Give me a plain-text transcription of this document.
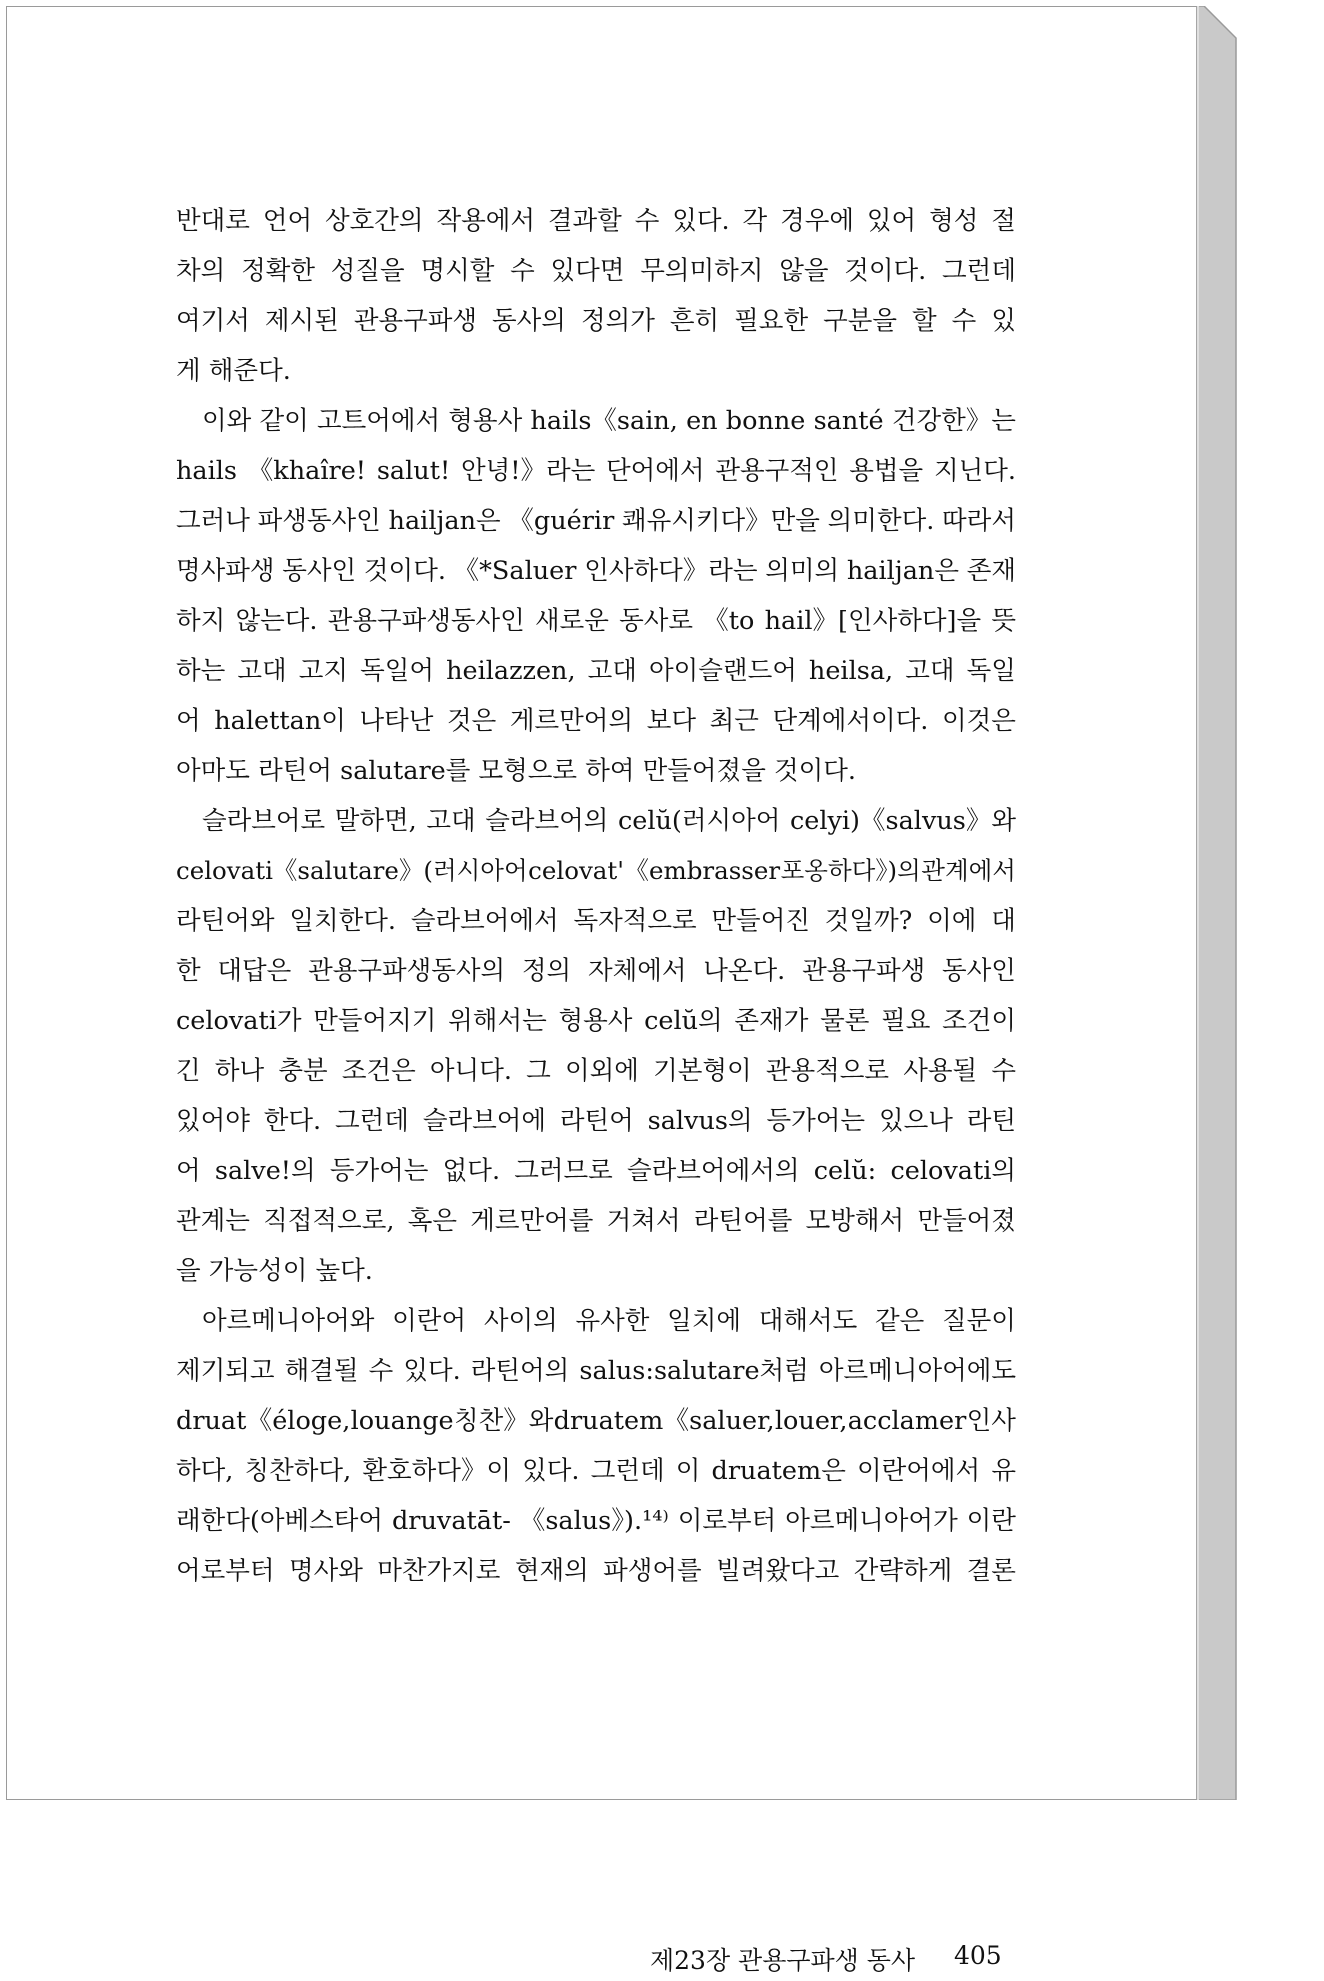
반대로 언어 상호간의 작용에서 결과할 수 있다. 각 경우에 있어 형성 절
차의 정확한 성질을 명시할 수 있다면 무의미하지 않을 것이다. 그런데
여기서 제시된 관용구파생 동사의 정의가 흔히 필요한 구분을 할 수 있
게 해준다.
이와 같이 고트어에서 형용사 hails《sain, en bonne santé 건강한》는
hails 《khaîre! salut! 안녕!》라는 단어에서 관용구적인 용법을 지닌다.
그러나 파생동사인 hailjan은 《guérir 쾌유시키다》만을 의미한다. 따라서
명사파생 동사인 것이다. 《*Saluer 인사하다》라는 의미의 hailjan은 존재
하지 않는다. 관용구파생동사인 새로운 동사로 《to hail》[인사하다]을 뜻
하는 고대 고지 독일어 heilazzen, 고대 아이슬랜드어 heilsa, 고대 독일
어 halettan이 나타난 것은 게르만어의 보다 최근 단계에서이다. 이것은
아마도 라틴어 salutare를 모형으로 하여 만들어졌을 것이다.
슬라브어로 말하면, 고대 슬라브어의 celŭ(러시아어 celyi)《salvus》와
celovati《salutare》(러시아어 celovat' 《embrasser 포옹하다》)의 관계에서
라틴어와 일치한다. 슬라브어에서 독자적으로 만들어진 것일까? 이에 대
한 대답은 관용구파생동사의 정의 자체에서 나온다. 관용구파생 동사인
celovati가 만들어지기 위해서는 형용사 celŭ의 존재가 물론 필요 조건이
긴 하나 충분 조건은 아니다. 그 이외에 기본형이 관용적으로 사용될 수
있어야 한다. 그런데 슬라브어에 라틴어 salvus의 등가어는 있으나 라틴
어 salve!의 등가어는 없다. 그러므로 슬라브어에서의 celŭ: celovati의
관계는 직접적으로, 혹은 게르만어를 거쳐서 라틴어를 모방해서 만들어졌
을 가능성이 높다.
아르메니아어와 이란어 사이의 유사한 일치에 대해서도 같은 질문이
제기되고 해결될 수 있다. 라틴어의 salus:salutare처럼 아르메니아어에도
druat 《éloge, louange 칭찬》와 druatem 《saluer, louer, acclamer 인사
하다, 칭찬하다, 환호하다》이 있다. 그런데 이 druatem은 이란어에서 유
래한다(아베스타어 druvatāt- 《salus》).¹⁴⁾ 이로부터 아르메니아어가 이란
어로부터 명사와 마찬가지로 현재의 파생어를 빌려왔다고 간략하게 결론
제23장 관용구파생 동사 405
